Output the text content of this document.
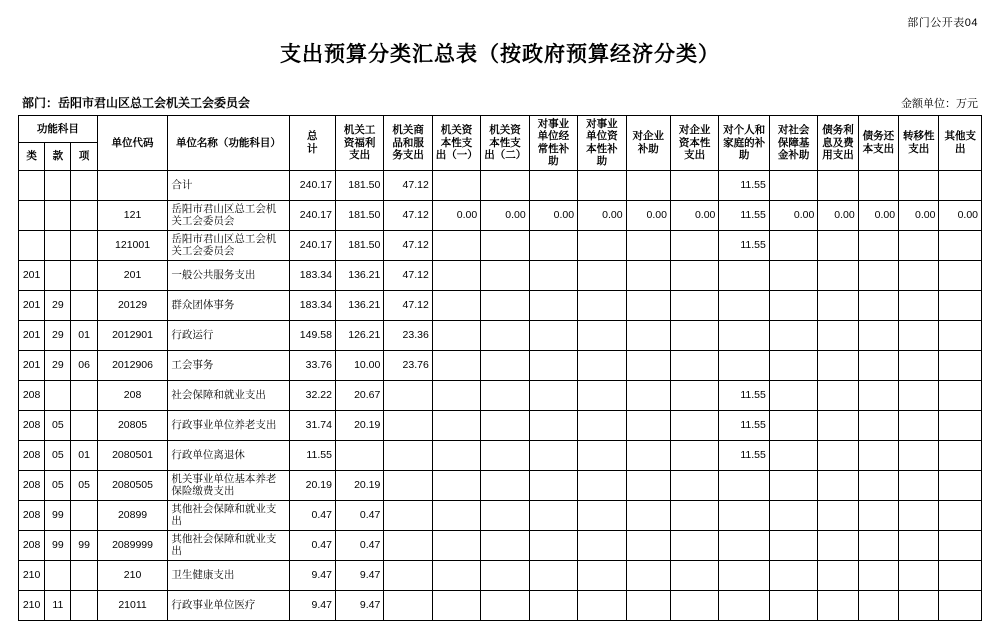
部门公开表04
支出预算分类汇总表（按政府预算经济分类）
部门：岳阳市君山区总工会机关工会委员会	金额单位：万元
功能科目			单位代码	单位名称（功能科目）	总　　计	机关工资福利支出	机关商品和服务支出	机关资本性支出（一）	机关资本性支出（二）	对事业单位经常性补助	对事业单位资本性补助	对企业补助	对企业资本性支出	对个人和家庭的补助	对社会保障基金补助	债务利息及费用支出	债务还本支出	转移性支出	其他支出
类	款	项																	
				合计	240.17	181.50	47.12							11.55					
			121	岳阳市君山区总工会机关工会委员会	240.17	181.50	47.12	0.00	0.00	0.00	0.00	0.00	0.00	11.55	0.00	0.00	0.00	0.00	0.00
			121001	岳阳市君山区总工会机关工会委员会	240.17	181.50	47.12							11.55					
201			201	一般公共服务支出	183.34	136.21	47.12												
201	29		20129	群众团体事务	183.34	136.21	47.12												
201	29	01	2012901	行政运行	149.58	126.21	23.36												
201	29	06	2012906	工会事务	33.76	10.00	23.76												
208			208	社会保障和就业支出	32.22	20.67								11.55					
208	05		20805	行政事业单位养老支出	31.74	20.19								11.55					
208	05	01	2080501	行政单位离退休	11.55									11.55					
208	05	05	2080505	机关事业单位基本养老保险缴费支出	20.19	20.19													
208	99		20899	其他社会保障和就业支出	0.47	0.47													
208	99	99	2089999	其他社会保障和就业支出	0.47	0.47													
210			210	卫生健康支出	9.47	9.47													
210	11		21011	行政事业单位医疗	9.47	9.47													
